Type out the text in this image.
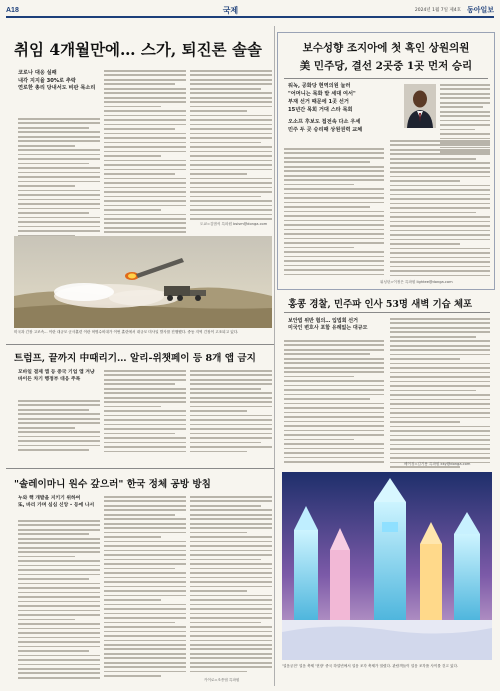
A18	국제	2024년 1월 7일 제4호 동아일보
취임 4개월만에… 스가, 퇴진론 솔솔
코로나 대응 실패
내각 지지율 30%로 추락
연로한 총리 당내서도 비판 목소리
도쿄=김범석 특파원 bsism@donga.com
미국과 긴장 고조속… 이란 대규모 군사훈련 이란 혁명수비대가 이번 훈련에서 대규모 미사일 발사를 진행했다. 중동 지역 긴장이 고조되고 있다.
트럼프, 끝까지 中때리기… 알리-위챗페이 등 8개 앱 금지
모바일 결제 앱 등 중국 기업 앱 겨냥
바이든 차기 행정부 대응 주목
"솔레이마니 원수 갚으러" 한국 정체 공방 방침
누와 핵 개발을 지키기 위하여
또, 바리 가며 심심 신앙 – 등에 나서
카이로=조종엽 특파원
보수성향 조지아에 첫 흑인 상원의원
美 민주당, 결선 2곳중 1곳 먼저 승리
워녹, 공화당 현역의원 눌러
"어머니는 목화 밭 세대 여서"
부재 선거 때문에 1곳 선거
15년간 목회 거대 스타 목회
오소프 후보도 접전속 다소 우세
민주 두 곳 승리때 상원권력 교체
워싱턴=이정은 특파원 lightee@donga.com
홍콩 경찰, 민주파 인사 53명 새벽 기습 체포
보안법 위반 혐의… 입법회 선거
미국인 변호사 포함 유례없는 대규모
베이징=김기용 특파원 kky@donga.com
'얼음궁전' 얼음 축제 '현장' 중국 하얼빈에서 얼음 조각 축제가 열렸다. 관람객들이 얼음 조각품 사이를 걷고 있다.
